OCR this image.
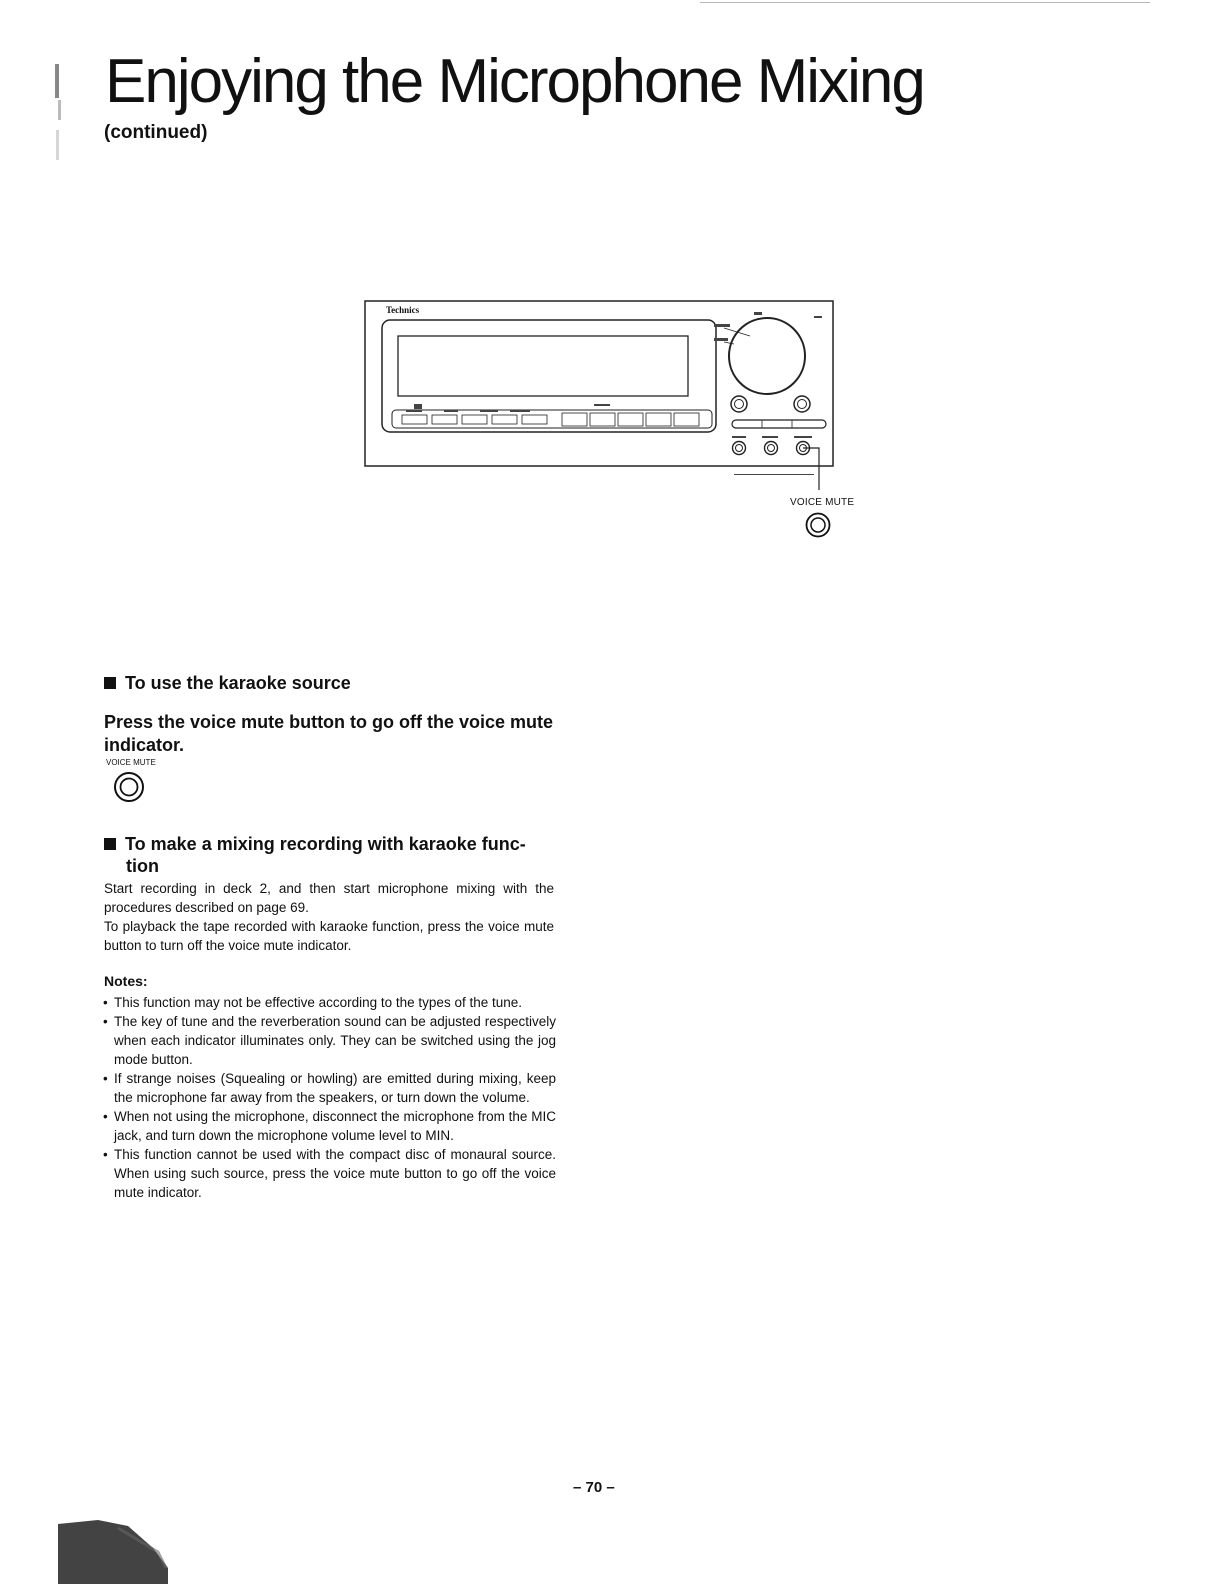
Enjoying the Microphone Mixing

(continued)

Technics
VOICE MUTE
To use the karaoke source

Press the voice mute button to go off the voice mute indicator.

VOICE MUTE
To make a mixing recording with karaoke func-
tion
Start recording in deck 2, and then start microphone mixing with the procedures described on page 69.
To playback the tape recorded with karaoke function, press the voice mute button to turn off the voice mute indicator.

Notes:

• This function may not be effective according to the types of the tune.
• The key of tune and the reverberation sound can be adjusted respectively when each indicator illuminates only. They can be switched using the jog mode button.
• If strange noises (Squealing or howling) are emitted during mixing, keep the microphone far away from the speakers, or turn down the volume.
• When not using the microphone, disconnect the microphone from the MIC jack, and turn down the microphone volume level to MIN.
• This function cannot be used with the compact disc of monaural source. When using such source, press the voice mute button to go off the voice mute indicator.
– 70 –
